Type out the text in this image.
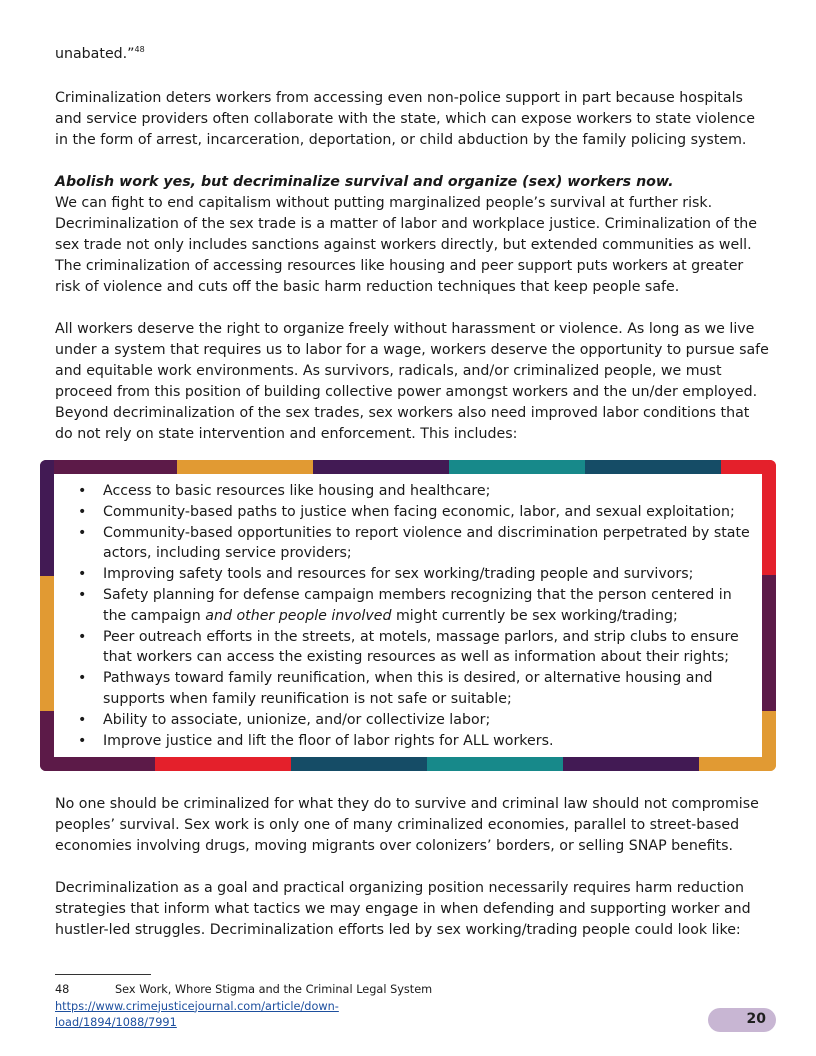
unabated.”$^{48}$

Criminalization deters workers from accessing even non-police support in part because hospitals and service providers often collaborate with the state, which can expose workers to state violence in the form of arrest, incarceration, deportation, or child abduction by the family policing system.

Abolish work yes, but decriminalize survival and organize (sex) workers now.
We can fight to end capitalism without putting marginalized people’s survival at further risk. Decriminalization of the sex trade is a matter of labor and workplace justice. Criminalization of the sex trade not only includes sanctions against workers directly, but extended communities as well. The criminalization of accessing resources like housing and peer support puts workers at greater risk of violence and cuts off the basic harm reduction techniques that keep people safe.

All workers deserve the right to organize freely without harassment or violence. As long as we live under a system that requires us to labor for a wage, workers deserve the opportunity to pursue safe and equitable work environments. As survivors, radicals, and/or criminalized people, we must proceed from this position of building collective power amongst workers and the un/der employed. Beyond decriminalization of the sex trades, sex workers also need improved labor conditions that do not rely on state intervention and enforcement. This includes:

• Access to basic resources like housing and healthcare;
• Community-based paths to justice when facing economic, labor, and sexual exploitation;
• Community-based opportunities to report violence and discrimination perpetrated by state actors, including service providers;
• Improving safety tools and resources for sex working/trading people and survivors;
• Safety planning for defense campaign members recognizing that the person centered in the campaign and other people involved might currently be sex working/trading;
• Peer outreach efforts in the streets, at motels, massage parlors, and strip clubs to ensure that workers can access the existing resources as well as information about their rights;
• Pathways toward family reunification, when this is desired, or alternative housing and supports when family reunification is not safe or suitable;
• Ability to associate, unionize, and/or collectivize labor;
• Improve justice and lift the floor of labor rights for ALL workers.

No one should be criminalized for what they do to survive and criminal law should not compromise peoples’ survival. Sex work is only one of many criminalized economies, parallel to street-based economies involving drugs, moving migrants over colonizers’ borders, or selling SNAP benefits.

Decriminalization as a goal and practical organizing position necessarily requires harm reduction strategies that inform what tactics we may engage in when defending and supporting worker and hustler-led struggles. Decriminalization efforts led by sex working/trading people could look like:

48	Sex Work, Whore Stigma and the Criminal Legal System https://www.crimejusticejournal.com/article/down-
load/1894/1088/7991	20
